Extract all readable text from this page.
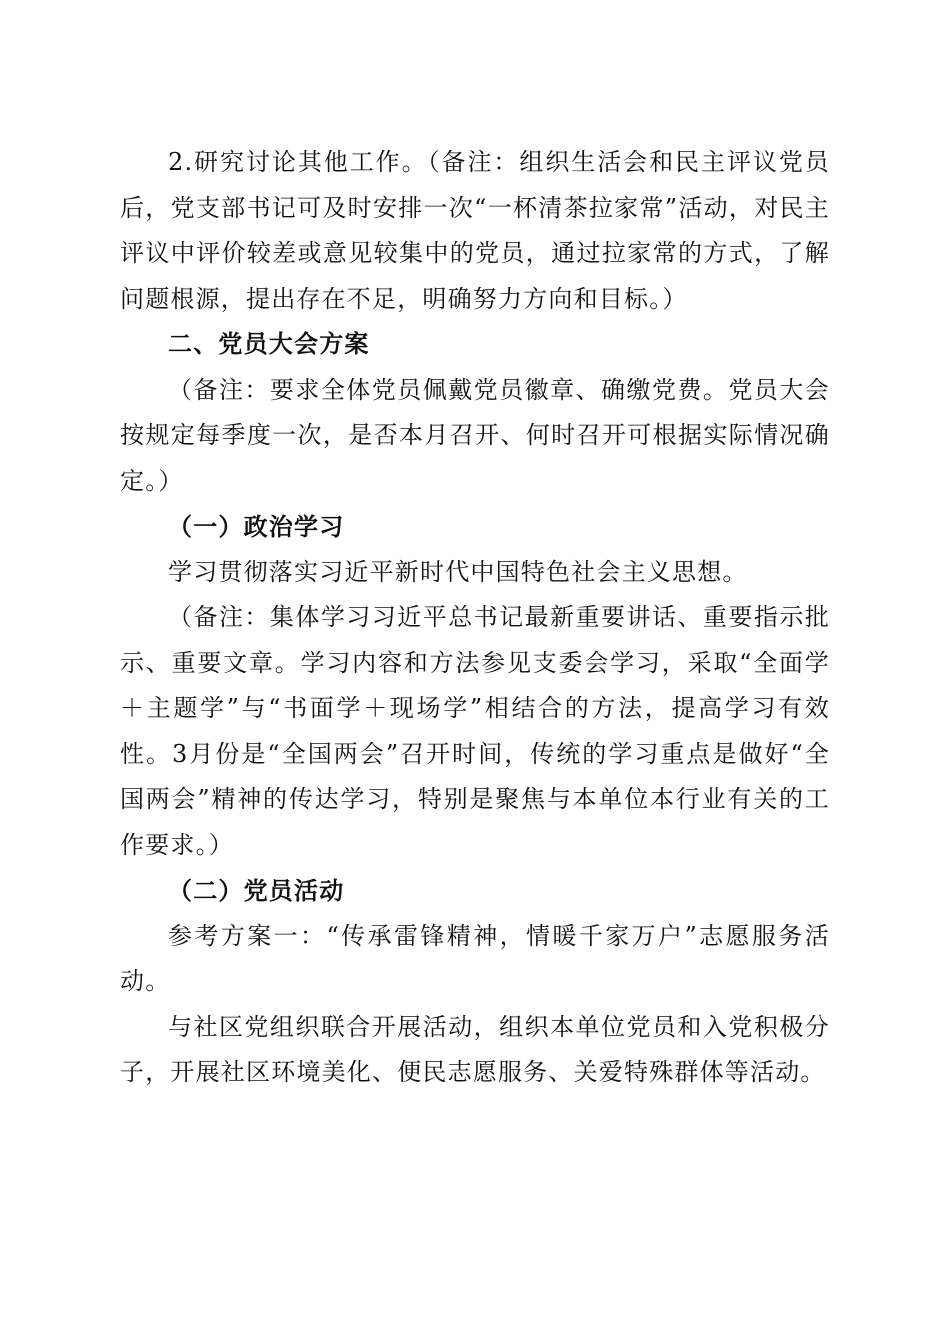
2.研究讨论其他工作。（备注：组织生活会和民主评议党员后，党支部书记可及时安排一次“一杯清茶拉家常”活动，对民主评议中评价较差或意见较集中的党员，通过拉家常的方式，了解问题根源，提出存在不足，明确努力方向和目标。）

二、党员大会方案

（备注：要求全体党员佩戴党员徽章、确缴党费。党员大会按规定每季度一次，是否本月召开、何时召开可根据实际情况确定。）

（一）政治学习

学习贯彻落实习近平新时代中国特色社会主义思想。

（备注：集体学习习近平总书记最新重要讲话、重要指示批示、重要文章。学习内容和方法参见支委会学习，采取“全面学＋主题学”与“书面学＋现场学”相结合的方法，提高学习有效性。3月份是“全国两会”召开时间，传统的学习重点是做好“全国两会”精神的传达学习，特别是聚焦与本单位本行业有关的工作要求。）

（二）党员活动

参考方案一：“传承雷锋精神，情暖千家万户”志愿服务活动。

与社区党组织联合开展活动，组织本单位党员和入党积极分子，开展社区环境美化、便民志愿服务、关爱特殊群体等活动。
